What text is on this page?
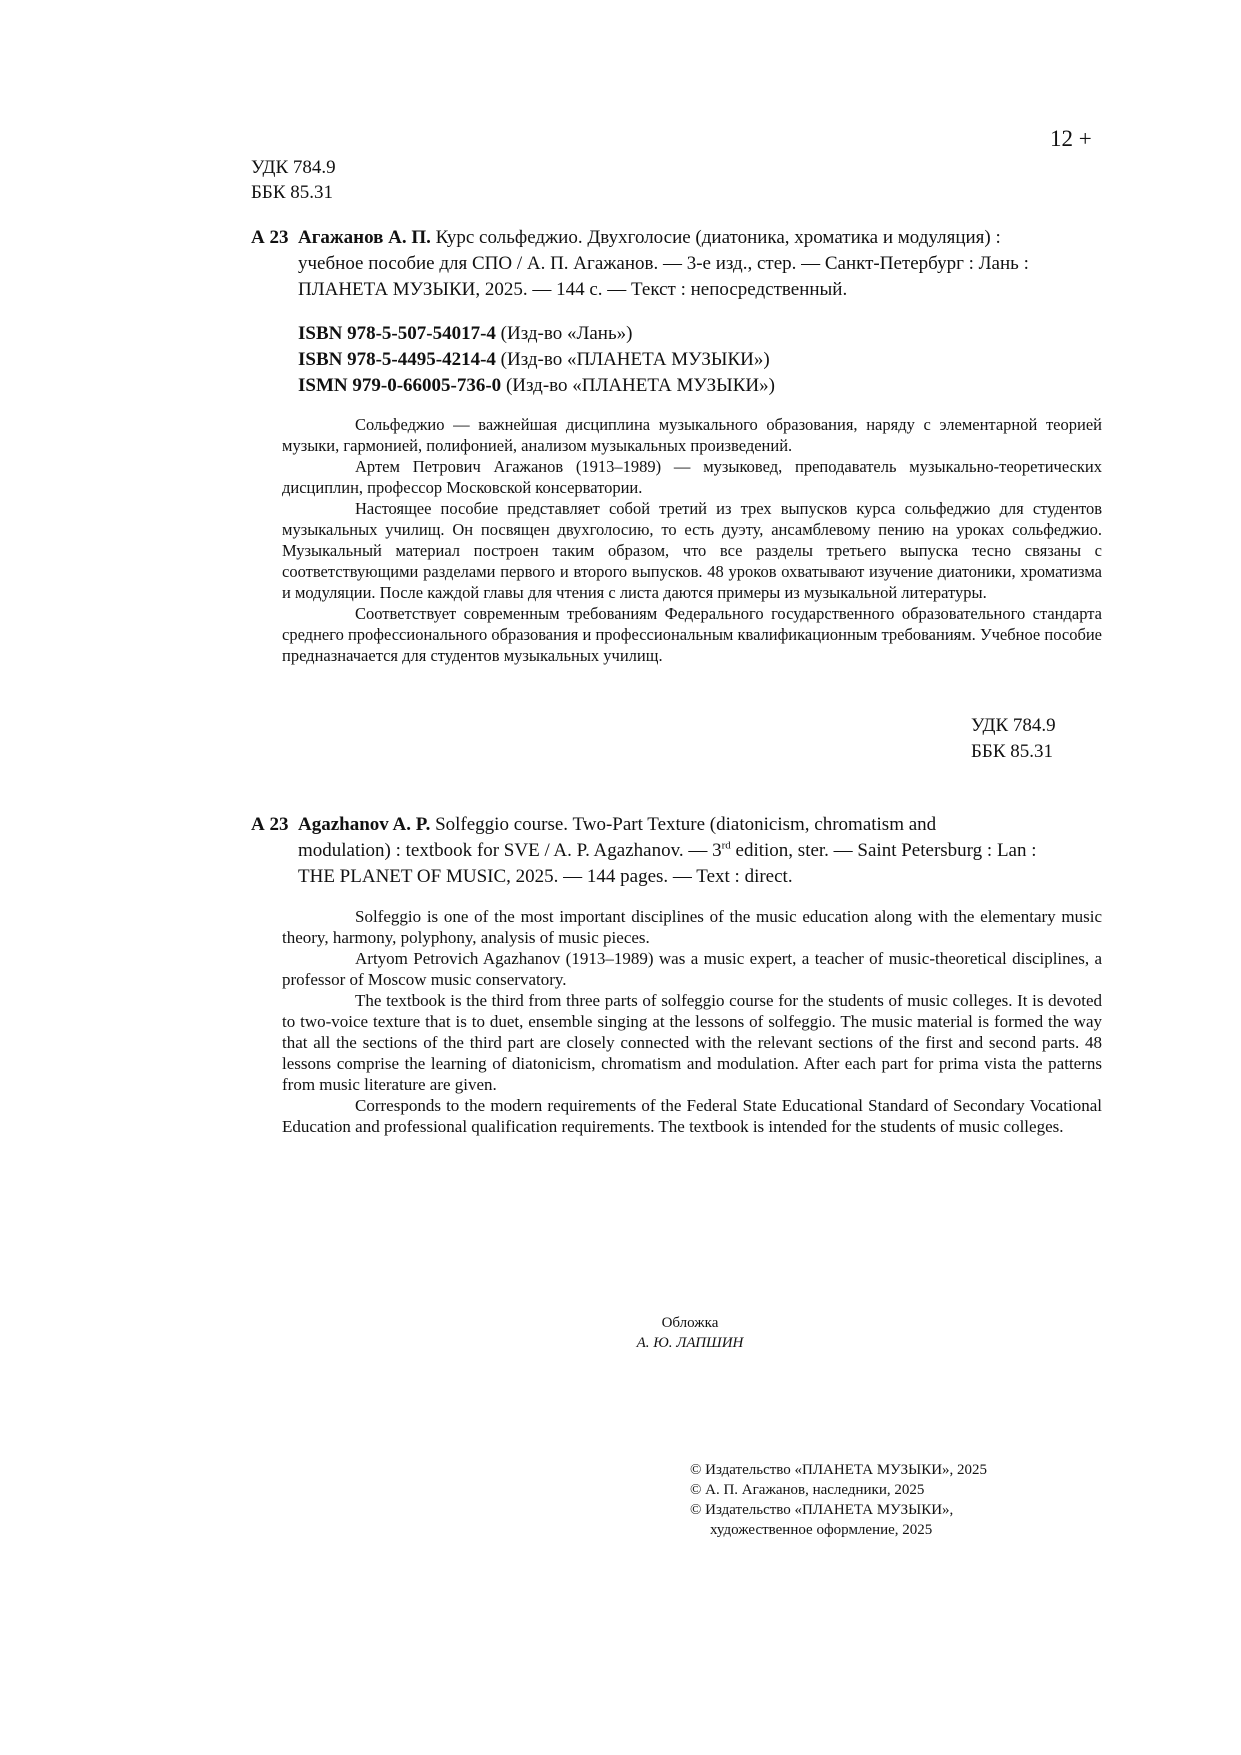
12 +
УДК 784.9
ББК 85.31
А 23 Агажанов А. П. Курс сольфеджио. Двухголосие (диатоника, хроматика и модуляция) :
учебное пособие для СПО / А. П. Агажанов. — 3-е изд., стер. — Санкт-Петербург : Лань :
ПЛАНЕТА МУЗЫКИ, 2025. — 144 с. — Текст : непосредственный.
ISBN 978-5-507-54017-4 (Изд-во «Лань»)
ISBN 978-5-4495-4214-4 (Изд-во «ПЛАНЕТА МУЗЫКИ»)
ISMN 979-0-66005-736-0 (Изд-во «ПЛАНЕТА МУЗЫКИ»)

Сольфеджио — важнейшая дисциплина музыкального образования, наряду с элементарной теорией музыки, гармонией, полифонией, анализом музыкальных произведений.

Артем Петрович Агажанов (1913–1989) — музыковед, преподаватель музыкально-теоретических дисциплин, профессор Московской консерватории.

Настоящее пособие представляет собой третий из трех выпусков курса сольфеджио для студентов музыкальных училищ. Он посвящен двухголосию, то есть дуэту, ансамблевому пению на уроках сольфеджио. Музыкальный материал построен таким образом, что все разделы третьего выпуска тесно связаны с соответствующими разделами первого и второго выпусков. 48 уроков охватывают изучение диатоники, хроматизма и модуляции. После каждой главы для чтения с листа даются примеры из музыкальной литературы.

Соответствует современным требованиям Федерального государственного образовательного стандарта среднего профессионального образования и профессиональным квалификационным требованиям. Учебное пособие предназначается для студентов музыкальных училищ.

УДК 784.9
ББК 85.31
А 23 Agazhanov A. P. Solfeggio course. Two-Part Texture (diatonicism, chromatism and
modulation) : textbook for SVE / A. P. Agazhanov. — 3rd edition, ster. — Saint Petersburg : Lan :
THE PLANET OF MUSIC, 2025. — 144 pages. — Text : direct.

Solfeggio is one of the most important disciplines of the music education along with the elementary music theory, harmony, polyphony, analysis of music pieces.

Artyom Petrovich Agazhanov (1913–1989) was a music expert, a teacher of music-theoretical disciplines, a professor of Moscow music conservatory.

The textbook is the third from three parts of solfeggio course for the students of music colleges. It is devoted to two-voice texture that is to duet, ensemble singing at the lessons of solfeggio. The music material is formed the way that all the sections of the third part are closely connected with the relevant sections of the first and second parts. 48 lessons comprise the learning of diatonicism, chromatism and modulation. After each part for prima vista the patterns from music literature are given.

Corresponds to the modern requirements of the Federal State Educational Standard of Secondary Vocational Education and professional qualification requirements. The textbook is intended for the students of music colleges.

Обложка
А. Ю. ЛАПШИН
© Издательство «ПЛАНЕТА МУЗЫКИ», 2025
© А. П. Агажанов, наследники, 2025
© Издательство «ПЛАНЕТА МУЗЫКИ»,
художественное оформление, 2025
